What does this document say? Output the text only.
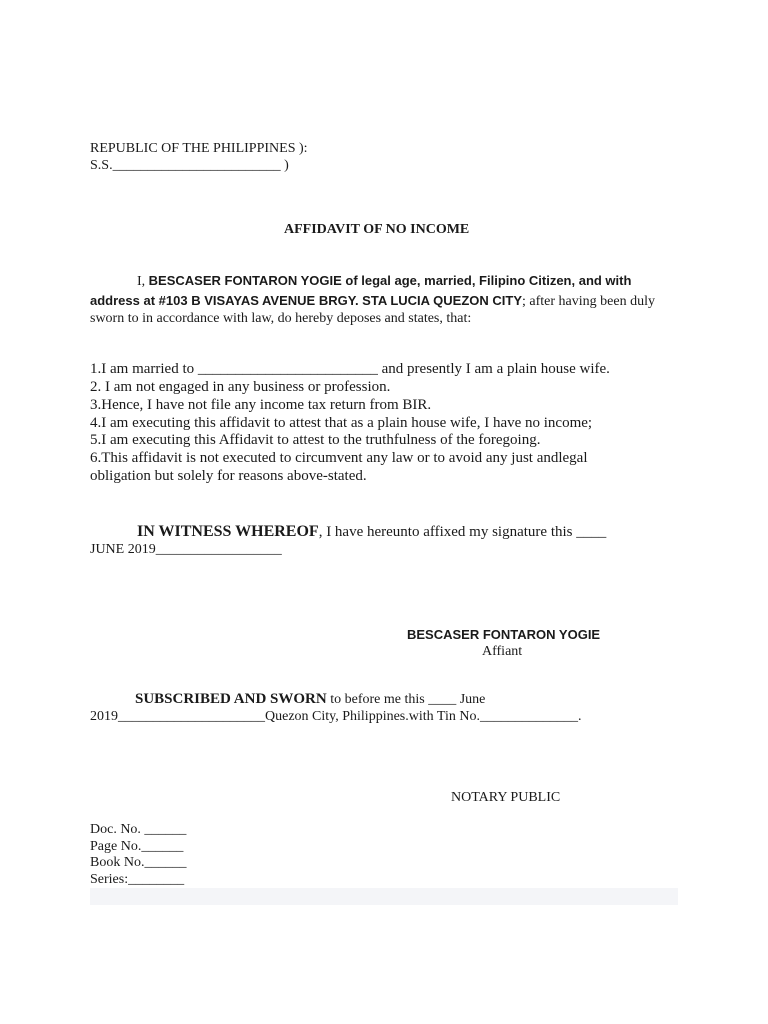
REPUBLIC OF THE PHILIPPINES ):
S.S.________________________ )
AFFIDAVIT OF NO INCOME
I, BESCASER FONTARON YOGIE of legal age, married, Filipino Citizen, and with
address at #103 B VISAYAS AVENUE BRGY. STA LUCIA QUEZON CITY; after having been duly
sworn to in accordance with law, do hereby deposes and states, that:
1.I am married to ________________________ and presently I am a plain house wife.
2. I am not engaged in any business or profession.
3.Hence, I have not file any income tax return from BIR.
4.I am executing this affidavit to attest that as a plain house wife, I have no income;
5.I am executing this Affidavit to attest to the truthfulness of the foregoing.
6.This affidavit is not executed to circumvent any law or to avoid any just andlegal
obligation but solely for reasons above-stated.
IN WITNESS WHEREOF, I have hereunto affixed my signature this ____
JUNE 2019__________________
BESCASER FONTARON YOGIE
Affiant
SUBSCRIBED AND SWORN to before me this ____ June
2019_____________________Quezon City, Philippines.with Tin No.______________.
NOTARY PUBLIC
Doc. No. ______
Page No.______
Book No.______
Series:________
